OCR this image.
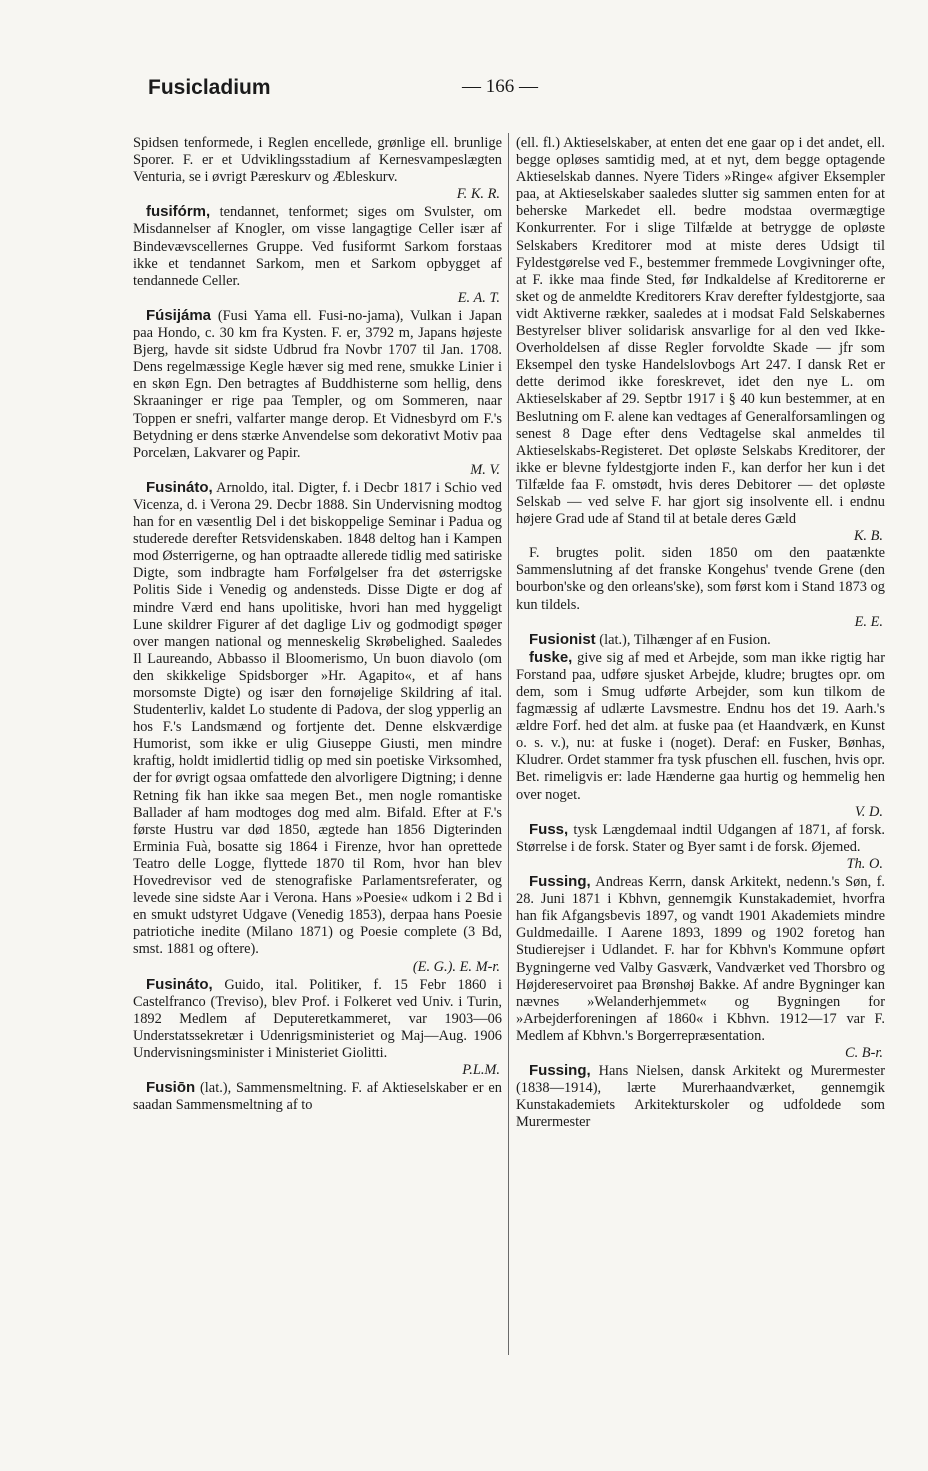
Fusicladium	— 166 —

Spidsen tenformede, i Reglen encellede, grønlige ell. brunlige Sporer. F. er et Udviklingsstadium af Kernesvampeslægten Venturia, se i øvrigt Pæreskurv og Æbleskurv.
F. K. R.

fusifórm, tendannet, tenformet; siges om Svulster, om Misdannelser af Knogler, om visse langagtige Celler især af Bindevævscellernes Gruppe. Ved fusiformt Sarkom forstaas ikke et tendannet Sarkom, men et Sarkom opbygget af tendannede Celler.
E. A. T.

Fúsijáma (Fusi Yama ell. Fusi-no-jama), Vulkan i Japan paa Hondo, c. 30 km fra Kysten. F. er, 3792 m, Japans højeste Bjerg, havde sit sidste Udbrud fra Novbr 1707 til Jan. 1708. Dens regelmæssige Kegle hæver sig med rene, smukke Linier i en skøn Egn. Den betragtes af Buddhisterne som hellig, dens Skraaninger er rige paa Templer, og om Sommeren, naar Toppen er snefri, valfarter mange derop. Et Vidnesbyrd om F.'s Betydning er dens stærke Anvendelse som dekorativt Motiv paa Porcelæn, Lakvarer og Papir.
M. V.

Fusináto, Arnoldo, ital. Digter, f. i Decbr 1817 i Schio ved Vicenza, d. i Verona 29. Decbr 1888. Sin Undervisning modtog han for en væsentlig Del i det biskoppelige Seminar i Padua og studerede derefter Retsvidenskaben. 1848 deltog han i Kampen mod Østerrigerne, og han optraadte allerede tidlig med satiriske Digte, som indbragte ham Forfølgelser fra det østerrigske Politis Side i Venedig og andensteds. Disse Digte er dog af mindre Værd end hans upolitiske, hvori han med hyggeligt Lune skildrer Figurer af det daglige Liv og godmodigt spøger over mangen national og menneskelig Skrøbelighed. Saaledes Il Laureando, Abbasso il Bloomerismo, Un buon diavolo (om den skikkelige Spidsborger »Hr. Agapito«, et af hans morsomste Digte) og især den fornøjelige Skildring af ital. Studenterliv, kaldet Lo studente di Padova, der slog ypperlig an hos F.'s Landsmænd og fortjente det. Denne elskværdige Humorist, som ikke er ulig Giuseppe Giusti, men mindre kraftig, holdt imidlertid tidlig op med sin poetiske Virksomhed, der for øvrigt ogsaa omfattede den alvorligere Digtning; i denne Retning fik han ikke saa megen Bet., men nogle romantiske Ballader af ham modtoges dog med alm. Bifald. Efter at F.'s første Hustru var død 1850, ægtede han 1856 Digterinden Erminia Fuà, bosatte sig 1864 i Firenze, hvor han oprettede Teatro delle Logge, flyttede 1870 til Rom, hvor han blev Hovedrevisor ved de stenografiske Parlamentsreferater, og levede sine sidste Aar i Verona. Hans »Poesie« udkom i 2 Bd i en smukt udstyret Udgave (Venedig 1853), derpaa hans Poesie patriotiche inedite (Milano 1871) og Poesie complete (3 Bd, smst. 1881 og oftere).
(E. G.). E. M-r.

Fusináto, Guido, ital. Politiker, f. 15 Febr 1860 i Castelfranco (Treviso), blev Prof. i Folkeret ved Univ. i Turin, 1892 Medlem af Deputeretkammeret, var 1903—06 Understatssekretær i Udenrigsministeriet og Maj—Aug. 1906 Undervisningsminister i Ministeriet Giolitti.
P.L.M.

Fusiōn (lat.), Sammensmeltning. F. af Aktieselskaber er en saadan Sammensmeltning af to

(ell. fl.) Aktieselskaber, at enten det ene gaar op i det andet, ell. begge opløses samtidig med, at et nyt, dem begge optagende Aktieselskab dannes. Nyere Tiders »Ringe« afgiver Eksempler paa, at Aktieselskaber saaledes slutter sig sammen enten for at beherske Markedet ell. bedre modstaa overmægtige Konkurrenter. For i slige Tilfælde at betrygge de opløste Selskabers Kreditorer mod at miste deres Udsigt til Fyldestgørelse ved F., bestemmer fremmede Lovgivninger ofte, at F. ikke maa finde Sted, før Indkaldelse af Kreditorerne er sket og de anmeldte Kreditorers Krav derefter fyldestgjorte, saa vidt Aktiverne rækker, saaledes at i modsat Fald Selskabernes Bestyrelser bliver solidarisk ansvarlige for al den ved Ikke-Overholdelsen af disse Regler forvoldte Skade — jfr som Eksempel den tyske Handelslovbogs Art 247. I dansk Ret er dette derimod ikke foreskrevet, idet den nye L. om Aktieselskaber af 29. Septbr 1917 i § 40 kun bestemmer, at en Beslutning om F. alene kan vedtages af Generalforsamlingen og senest 8 Dage efter dens Vedtagelse skal anmeldes til Aktieselskabs-Registeret. Det opløste Selskabs Kreditorer, der ikke er blevne fyldestgjorte inden F., kan derfor her kun i det Tilfælde faa F. omstødt, hvis deres Debitorer — det opløste Selskab — ved selve F. har gjort sig insolvente ell. i endnu højere Grad ude af Stand til at betale deres Gæld
K. B.

F. brugtes polit. siden 1850 om den paatænkte Sammenslutning af det franske Kongehus' tvende Grene (den bourbon'ske og den orleans'ske), som først kom i Stand 1873 og kun tildels.
E. E.

Fusionist (lat.), Tilhænger af en Fusion.

fuske, give sig af med et Arbejde, som man ikke rigtig har Forstand paa, udføre sjusket Arbejde, kludre; brugtes opr. om dem, som i Smug udførte Arbejder, som kun tilkom de fagmæssig af udlærte Lavsmestre. Endnu hos det 19. Aarh.'s ældre Forf. hed det alm. at fuske paa (et Haandværk, en Kunst o. s. v.), nu: at fuske i (noget). Deraf: en Fusker, Bønhas, Kludrer. Ordet stammer fra tysk pfuschen ell. fuschen, hvis opr. Bet. rimeligvis er: lade Hænderne gaa hurtig og hemmelig hen over noget.
V. D.

Fuss, tysk Længdemaal indtil Udgangen af 1871, af forsk. Størrelse i de forsk. Stater og Byer samt i de forsk. Øjemed.
Th. O.

Fussing, Andreas Kerrn, dansk Arkitekt, nedenn.'s Søn, f. 28. Juni 1871 i Kbhvn, gennemgik Kunstakademiet, hvorfra han fik Afgangsbevis 1897, og vandt 1901 Akademiets mindre Guldmedaille. I Aarene 1893, 1899 og 1902 foretog han Studierejser i Udlandet. F. har for Kbhvn's Kommune opført Bygningerne ved Valby Gasværk, Vandværket ved Thorsbro og Højdereservoiret paa Brønshøj Bakke. Af andre Bygninger kan nævnes »Welanderhjemmet« og Bygningen for »Arbejderforeningen af 1860« i Kbhvn. 1912—17 var F. Medlem af Kbhvn.'s Borgerrepræsentation.
C. B-r.

Fussing, Hans Nielsen, dansk Arkitekt og Murermester (1838—1914), lærte Murerhaandværket, gennemgik Kunstakademiets Arkitekturskoler og udfoldede som Murermester
